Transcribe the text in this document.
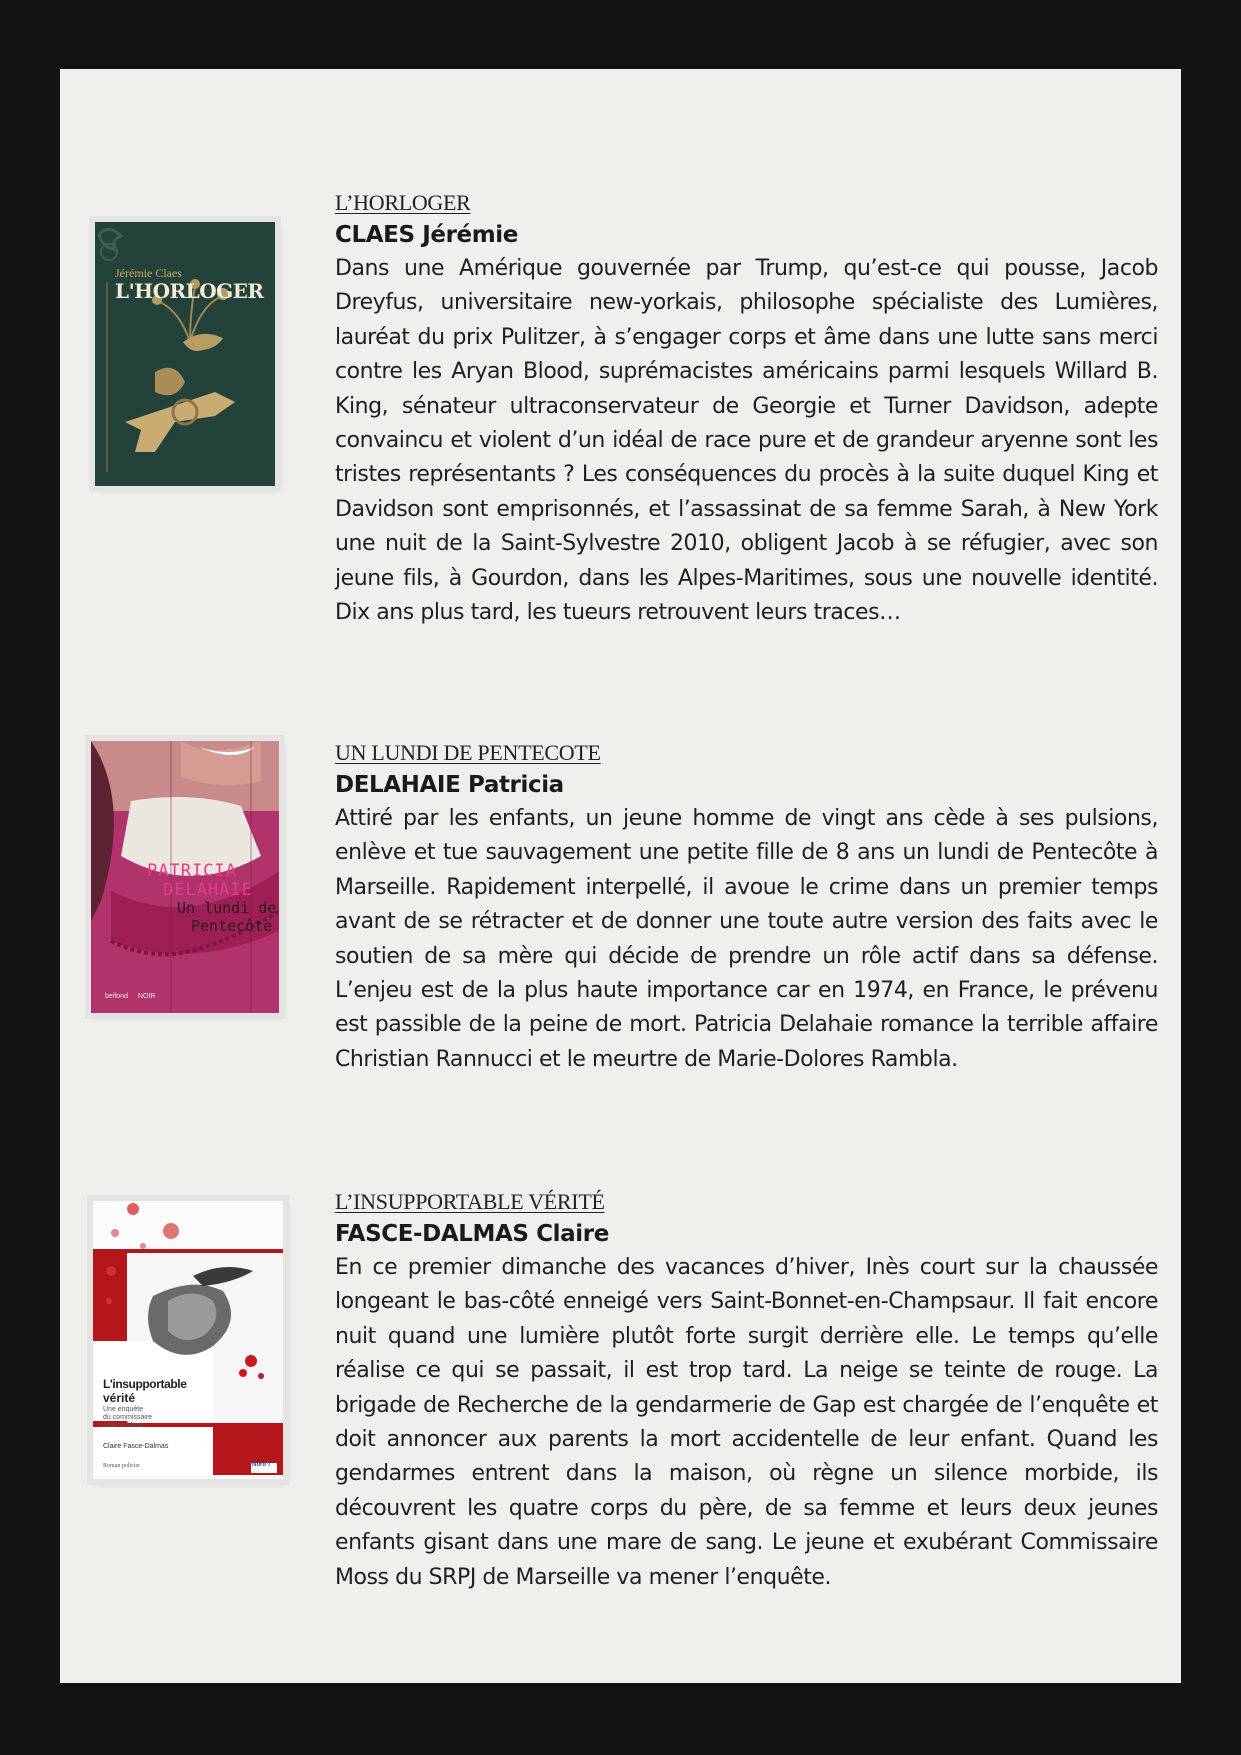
Jérémie Claes
L'HORLOGER
L’HORLOGER
CLAES Jérémie

Dans une Amérique gouvernée par Trump, qu’est-ce qui pousse, Jacob Dreyfus, universitaire new-yorkais, philosophe spécialiste des Lumières, lauréat du prix Pulitzer, à s’engager corps et âme dans une lutte sans merci contre les Aryan Blood, suprémacistes américains parmi lesquels Willard B. King, sénateur ultraconservateur de Georgie et Turner Davidson, adepte convaincu et violent d’un idéal de race pure et de grandeur aryenne sont les tristes représentants ? Les conséquences du procès à la suite duquel King et Davidson sont emprisonnés, et l’assassinat de sa femme Sarah, à New York une nuit de la Saint-Sylvestre 2010, obligent Jacob à se réfugier, avec son jeune fils, à Gourdon, dans les Alpes-Maritimes, sous une nouvelle identité. Dix ans plus tard, les tueurs retrouvent leurs traces…

PATRICIA
DELAHAIE
Un lundi de
Pentecôte
belfond NOIR
UN LUNDI DE PENTECOTE
DELAHAIE Patricia

Attiré par les enfants, un jeune homme de vingt ans cède à ses pulsions, enlève et tue sauvagement une petite fille de 8 ans un lundi de Pentecôte à Marseille. Rapidement interpellé, il avoue le crime dans un premier temps avant de se rétracter et de donner une toute autre version des faits avec le soutien de sa mère qui décide de prendre un rôle actif dans sa défense. L’enjeu est de la plus haute importance car en 1974, en France, le prévenu est passible de la peine de mort. Patricia Delahaie romance la terrible affaire Christian Rannucci et le meurtre de Marie-Dolores Rambla.

L'insupportable
vérité
Une enquête
du commissaire
Americ Moss
Claire Fasce-Dalmas
Roman policier	Nord 7
L’INSUPPORTABLE VÉRITÉ
FASCE-DALMAS Claire

En ce premier dimanche des vacances d’hiver, Inès court sur la chaussée longeant le bas-côté enneigé vers Saint-Bonnet-en-Champsaur. Il fait encore nuit quand une lumière plutôt forte surgit derrière elle. Le temps qu’elle réalise ce qui se passait, il est trop tard. La neige se teinte de rouge. La brigade de Recherche de la gendarmerie de Gap est chargée de l’enquête et doit annoncer aux parents la mort accidentelle de leur enfant. Quand les gendarmes entrent dans la maison, où règne un silence morbide, ils découvrent les quatre corps du père, de sa femme et leurs deux jeunes enfants gisant dans une mare de sang. Le jeune et exubérant Commissaire Moss du SRPJ de Marseille va mener l’enquête.
